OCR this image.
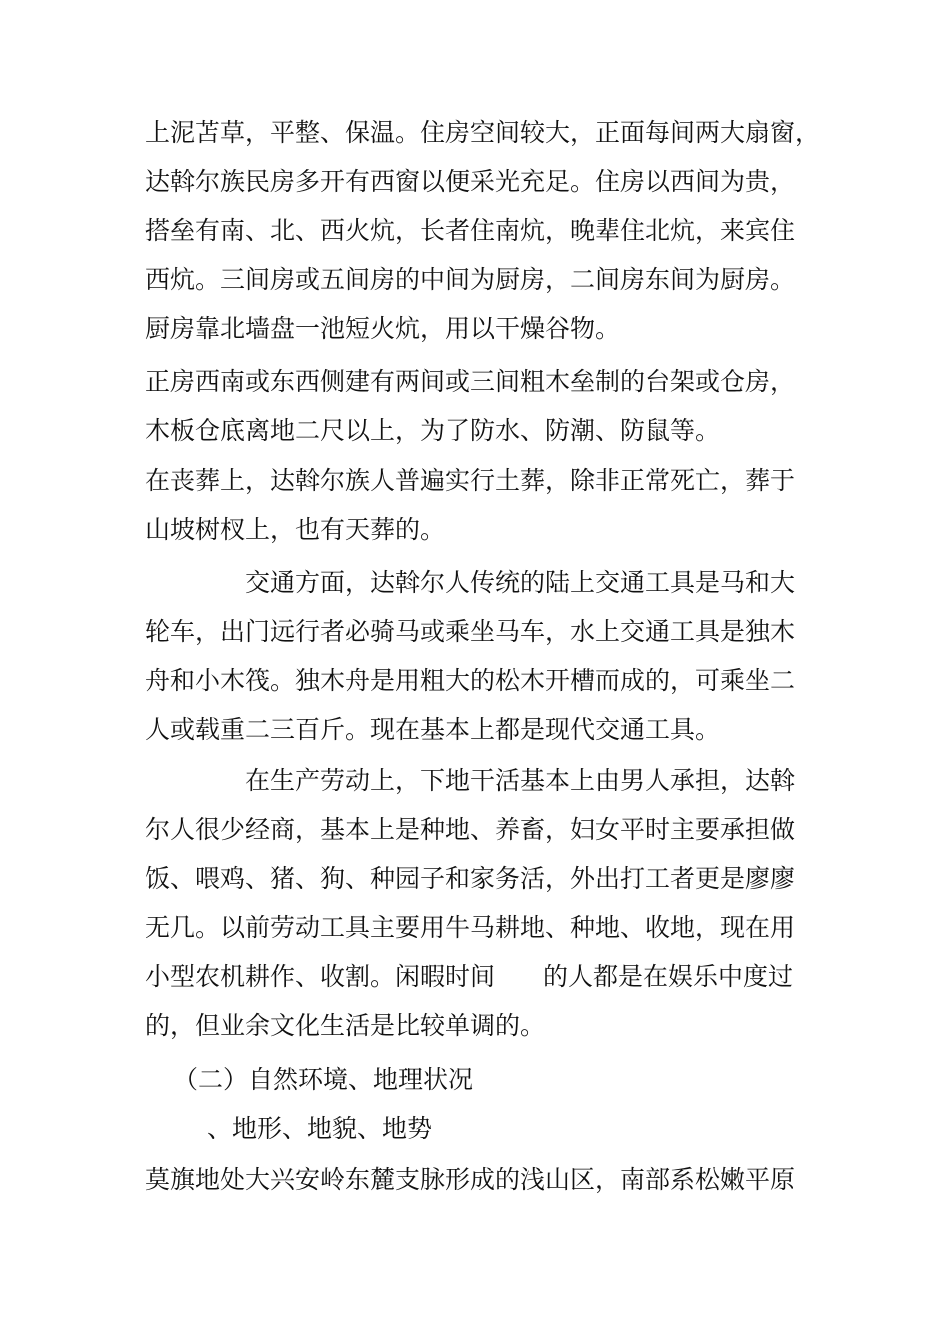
上泥苫草，平整、保温。住房空间较大，正面每间两大扇窗，
达斡尔族民房多开有西窗以便采光充足。住房以西间为贵，
搭垒有南、北、西火炕，长者住南炕，晚辈住北炕，来宾住
西炕。三间房或五间房的中间为厨房，二间房东间为厨房。
厨房靠北墙盘一池短火炕，用以干燥谷物。
正房西南或东西侧建有两间或三间粗木垒制的台架或仓房，
木板仓底离地二尺以上，为了防水、防潮、防鼠等。
在丧葬上，达斡尔族人普遍实行土葬，除非正常死亡，葬于
山坡树杈上，也有天葬的。
交通方面，达斡尔人传统的陆上交通工具是马和大
轮车，出门远行者必骑马或乘坐马车，水上交通工具是独木
舟和小木筏。独木舟是用粗大的松木开槽而成的，可乘坐二
人或载重二三百斤。现在基本上都是现代交通工具。
在生产劳动上，下地干活基本上由男人承担，达斡
尔人很少经商，基本上是种地、养畜，妇女平时主要承担做
饭、喂鸡、猪、狗、种园子和家务活，外出打工者更是廖廖
无几。以前劳动工具主要用牛马耕地、种地、收地，现在用
小型农机耕作、收割。闲暇时间 的人都是在娱乐中度过
的，但业余文化生活是比较单调的。
（二）自然环境、地理状况
、地形、地貌、地势
莫旗地处大兴安岭东麓支脉形成的浅山区，南部系松嫩平原
